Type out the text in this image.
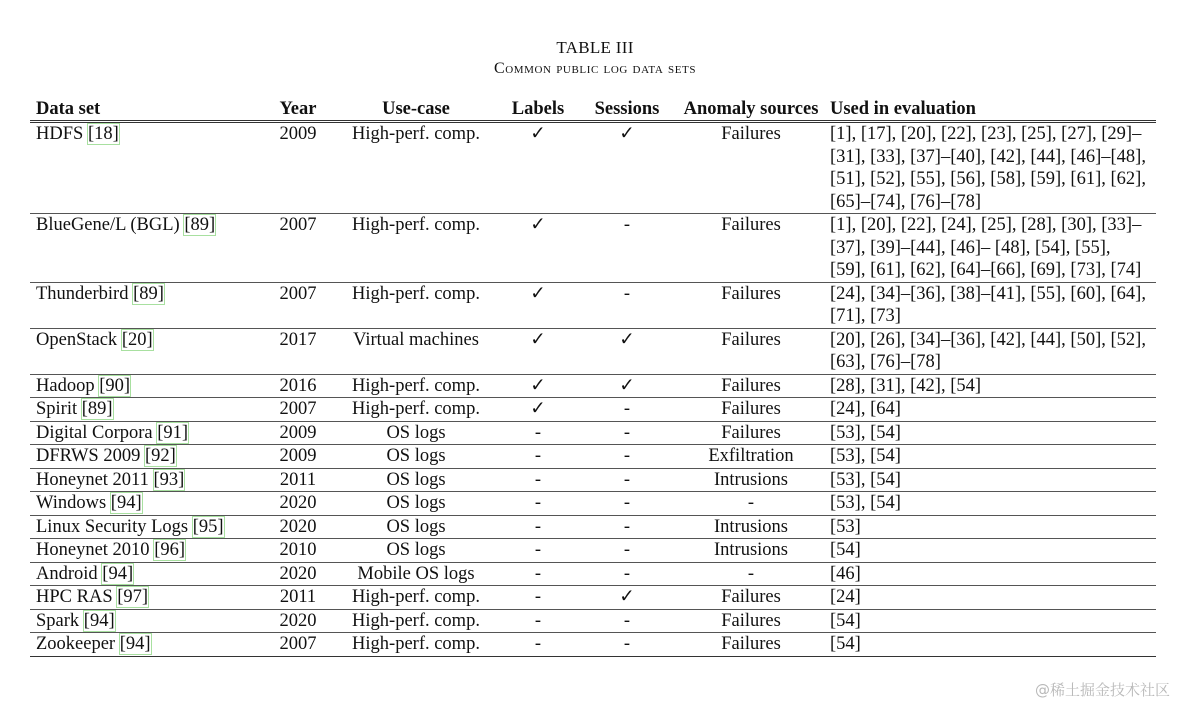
TABLE III
Common public log data sets
Data set	Year	Use-case	Labels	Sessions	Anomaly sources	Used in evaluation
HDFS [18]	2009	High-perf. comp.	✓	✓	Failures	[1], [17], [20], [22], [23], [25], [27], [29]–[31], [33], [37]–[40], [42], [44], [46]–[48], [51], [52], [55], [56], [58], [59], [61], [62], [65]–[74], [76]–[78]
BlueGene/L (BGL) [89]	2007	High-perf. comp.	✓	-	Failures	[1], [20], [22], [24], [25], [28], [30], [33]–[37], [39]–[44], [46]– [48], [54], [55], [59], [61], [62], [64]–[66], [69], [73], [74]
Thunderbird [89]	2007	High-perf. comp.	✓	-	Failures	[24], [34]–[36], [38]–[41], [55], [60], [64], [71], [73]
OpenStack [20]	2017	Virtual machines	✓	✓	Failures	[20], [26], [34]–[36], [42], [44], [50], [52], [63], [76]–[78]
Hadoop [90]	2016	High-perf. comp.	✓	✓	Failures	[28], [31], [42], [54]
Spirit [89]	2007	High-perf. comp.	✓	-	Failures	[24], [64]
Digital Corpora [91]	2009	OS logs	-	-	Failures	[53], [54]
DFRWS 2009 [92]	2009	OS logs	-	-	Exfiltration	[53], [54]
Honeynet 2011 [93]	2011	OS logs	-	-	Intrusions	[53], [54]
Windows [94]	2020	OS logs	-	-	-	[53], [54]
Linux Security Logs [95]	2020	OS logs	-	-	Intrusions	[53]
Honeynet 2010 [96]	2010	OS logs	-	-	Intrusions	[54]
Android [94]	2020	Mobile OS logs	-	-	-	[46]
HPC RAS [97]	2011	High-perf. comp.	-	✓	Failures	[24]
Spark [94]	2020	High-perf. comp.	-	-	Failures	[54]
Zookeeper [94]	2007	High-perf. comp.	-	-	Failures	[54]
@稀土掘金技术社区
